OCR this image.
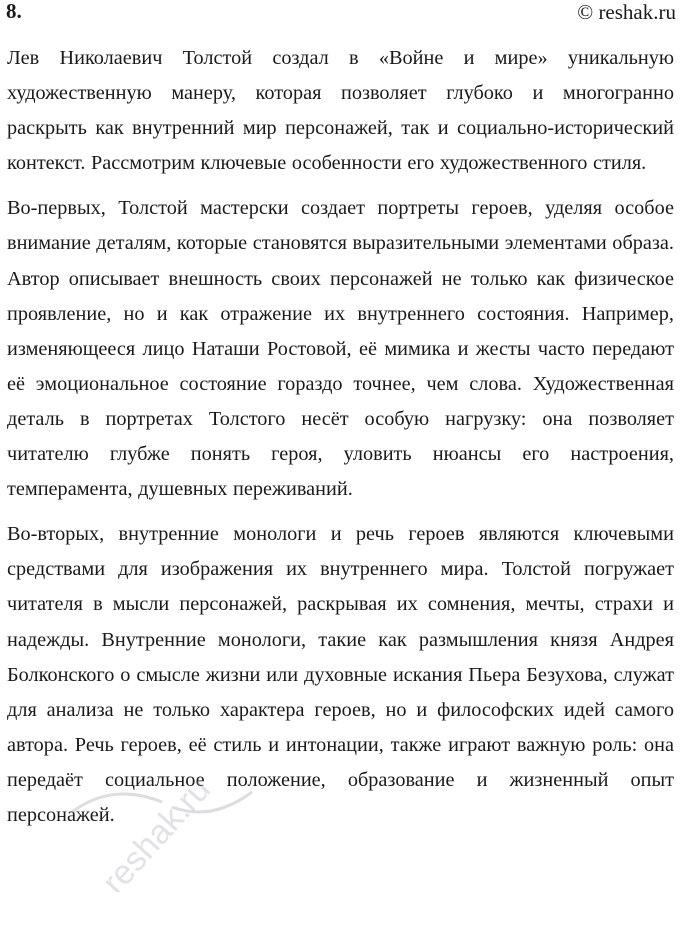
8.	© reshak.ru

Лев Николаевич Толстой создал в «Войне и мире» уникальную художественную манеру, которая позволяет глубоко и многогранно раскрыть как внутренний мир персонажей, так и социально-исторический контекст. Рассмотрим ключевые особенности его художественного стиля.

Во-первых, Толстой мастерски создает портреты героев, уделяя особое внимание деталям, которые становятся выразительными элементами образа. Автор описывает внешность своих персонажей не только как физическое проявление, но и как отражение их внутреннего состояния. Например, изменяющееся лицо Наташи Ростовой, её мимика и жесты часто передают её эмоциональное состояние гораздо точнее, чем слова. Художественная деталь в портретах Толстого несёт особую нагрузку: она позволяет читателю глубже понять героя, уловить нюансы его настроения, темперамента, душевных переживаний.

Во-вторых, внутренние монологи и речь героев являются ключевыми средствами для изображения их внутреннего мира. Толстой погружает читателя в мысли персонажей, раскрывая их сомнения, мечты, страхи и надежды. Внутренние монологи, такие как размышления князя Андрея Болконского о смысле жизни или духовные искания Пьера Безухова, служат для анализа не только характера героев, но и философских идей самого автора. Речь героев, её стиль и интонации, также играют важную роль: она передаёт социальное положение, образование и жизненный опыт персонажей.

reshak.ru
